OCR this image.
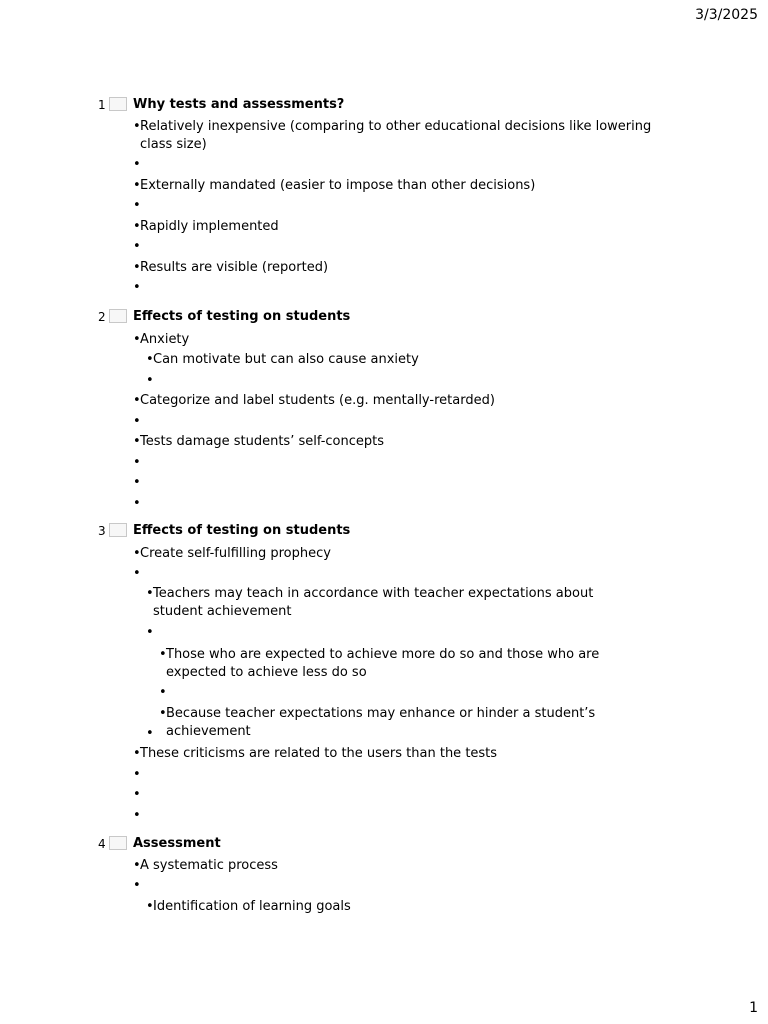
3/3/2025
1 Why tests and assessments?
• Relatively inexpensive (comparing to other educational decisions like lowering class size)
•
• Externally mandated (easier to impose than other decisions)
•
• Rapidly implemented
•
• Results are visible (reported)
•
2 Effects of testing on students
• Anxiety
• Can motivate but can also cause anxiety
•
• Categorize and label students (e.g. mentally-retarded)
•
• Tests damage students’ self-concepts
•
•
•
3 Effects of testing on students
• Create self-fulfilling prophecy
•
• Teachers may teach in accordance with teacher expectations about student achievement
•
• Those who are expected to achieve more do so and those who are expected to achieve less do so
•
• Because teacher expectations may enhance or hinder a student’s achievement
•
• These criticisms are related to the users than the tests
•
•
•
4 Assessment
• A systematic process
•
• Identification of learning goals
1
